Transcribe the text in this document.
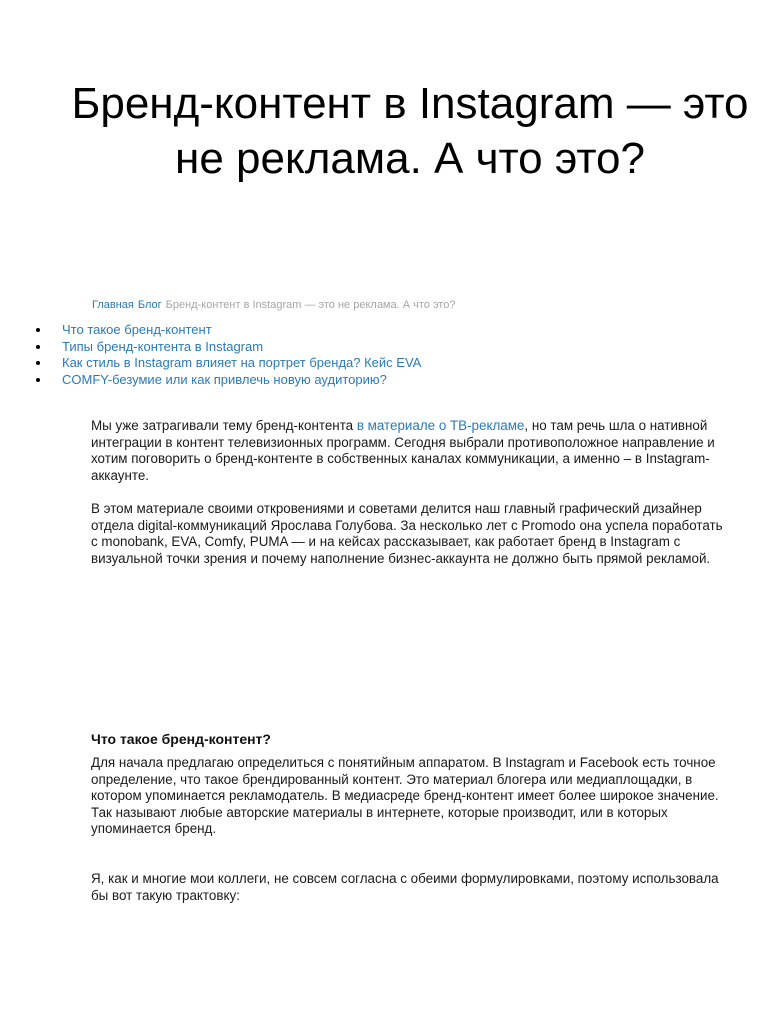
Бренд-контент в Instagram — это не реклама. А что это?
Главная Блог Бренд-контент в Instagram — это не реклама. А что это?
Что такое бренд-контент
Типы бренд-контента в Instagram
Как стиль в Instagram влияет на портрет бренда? Кейс EVA
COMFY-безумие или как привлечь новую аудиторию?

Мы уже затрагивали тему бренд-контента в материале о ТВ-рекламе, но там речь шла о нативной интеграции в контент телевизионных программ. Сегодня выбрали противоположное направление и хотим поговорить о бренд-контенте в собственных каналах коммуникации, а именно – в Instagram-аккаунте.

В этом материале своими откровениями и советами делится наш главный графический дизайнер отдела digital-коммуникаций Ярослава Голубова. За несколько лет с Promodo она успела поработать с monobank, EVA, Comfy, PUMA — и на кейсах рассказывает, как работает бренд в Instagram с визуальной точки зрения и почему наполнение бизнес-аккаунта не должно быть прямой рекламой.

Что такое бренд-контент?

Для начала предлагаю определиться с понятийным аппаратом. В Instagram и Facebook есть точное определение, что такое брендированный контент. Это материал блогера или медиаплощадки, в котором упоминается рекламодатель. В медиасреде бренд-контент имеет более широкое значение. Так называют любые авторские материалы в интернете, которые производит, или в которых упоминается бренд.

Я, как и многие мои коллеги, не совсем согласна с обеими формулировками, поэтому использовала бы вот такую трактовку:
